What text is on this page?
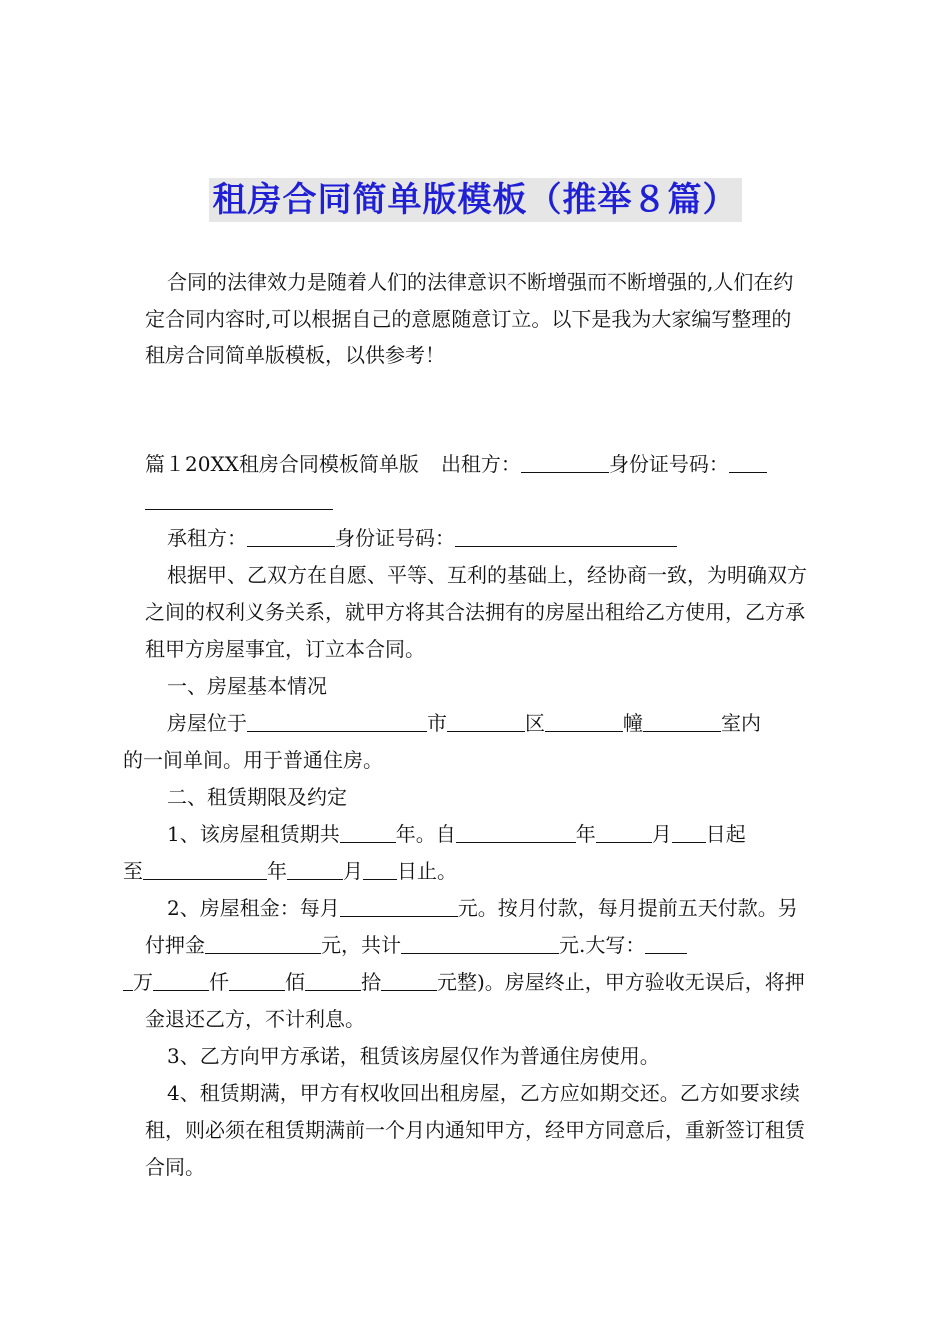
租房合同简单版模板（推举８篇）

合同的法律效力是随着人们的法律意识不断增强而不断增强的,人们在约定合同内容时,可以根据自己的意愿随意订立。以下是我为大家编写整理的租房合同简单版模板，以供参考！

篇１20XX租房合同模板简单版 出租方：	身份证号码：

承租方：	身份证号码：

根据甲、乙双方在自愿、平等、互利的基础上，经协商一致，为明确双方之间的权利义务关系，就甲方将其合法拥有的房屋出租给乙方使用，乙方承租甲方房屋事宜，订立本合同。

一、房屋基本情况

房屋位于	市	区	幢	室内
的一间单间。用于普通住房。

二、租赁期限及约定

1、该房屋租赁期共	年。自	年	月 日起
至	年	月 日止。

2、房屋租金：每月	元。按月付款，每月提前五天付款。另付押金	元，共计	元.大写：
万	仟	佰	拾	元整)。房屋终止，甲方验收无误后，将押金退还乙方，不计利息。

3、乙方向甲方承诺，租赁该房屋仅作为普通住房使用。

4、租赁期满，甲方有权收回出租房屋，乙方应如期交还。乙方如要求续租，则必须在租赁期满前一个月内通知甲方，经甲方同意后，重新签订租赁合同。
